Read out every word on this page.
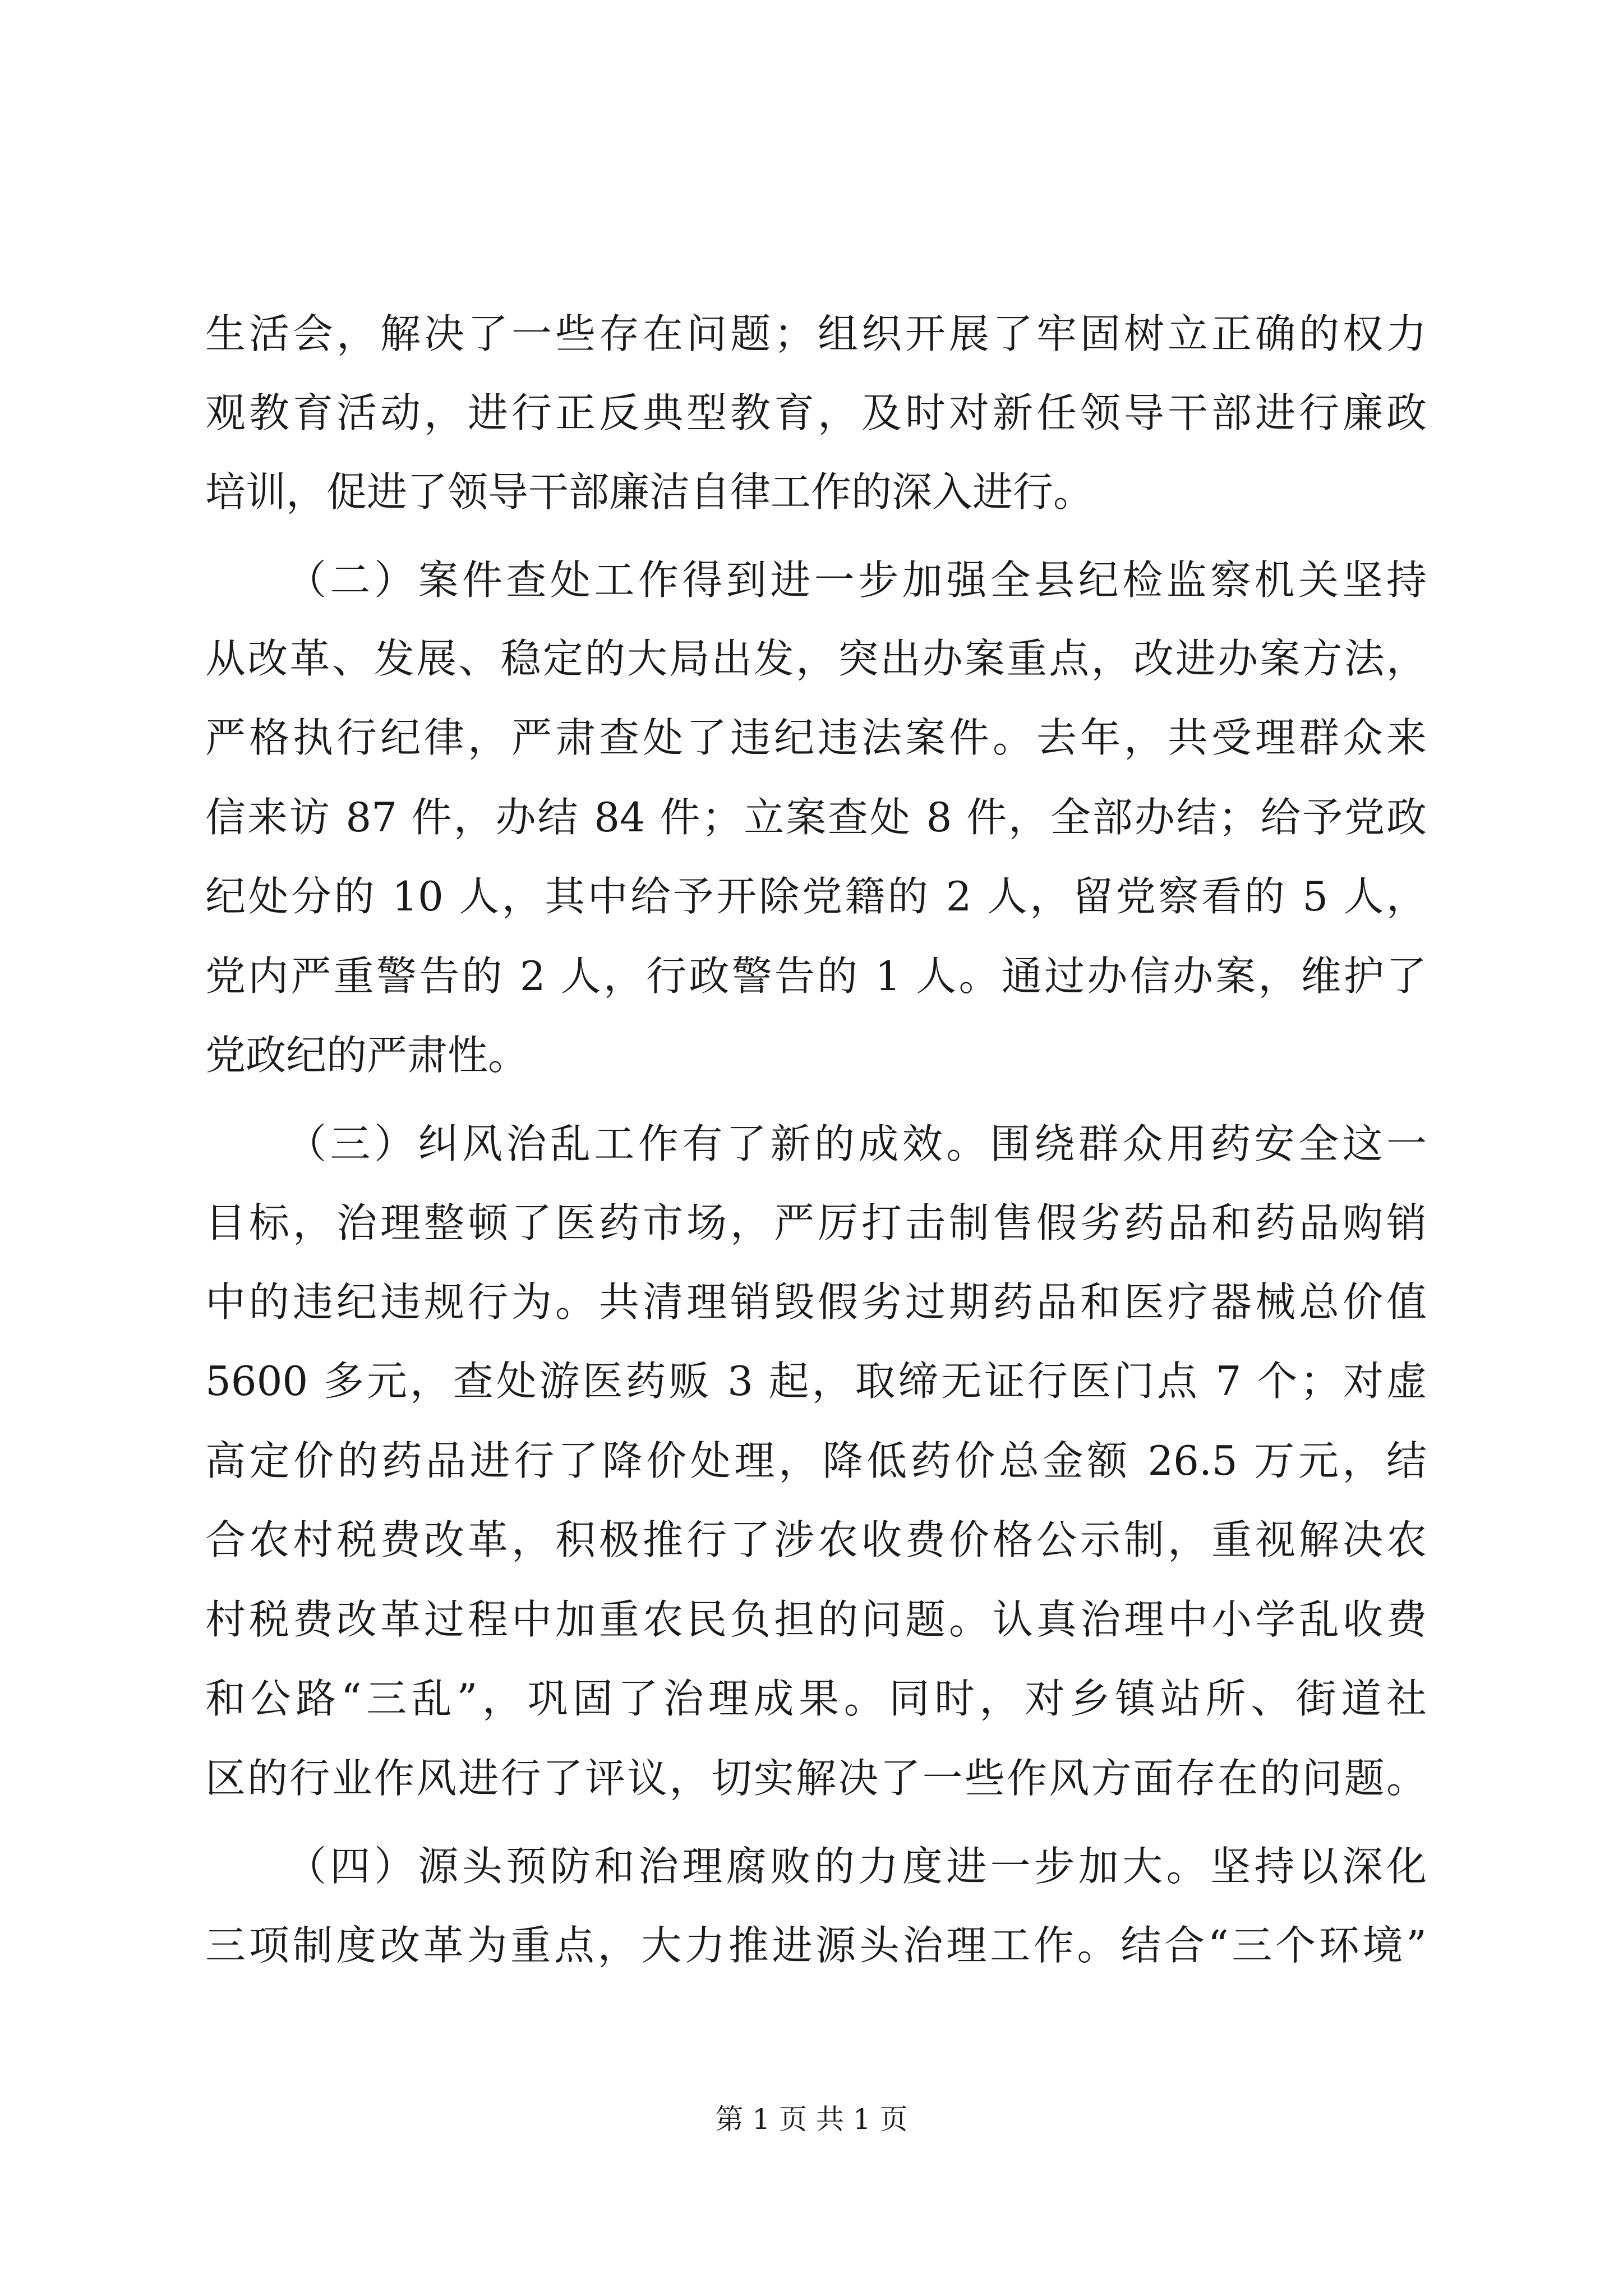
生活会，解决了一些存在问题；组织开展了牢固树立正确的权力
观教育活动，进行正反典型教育，及时对新任领导干部进行廉政
培训，促进了领导干部廉洁自律工作的深入进行。
（二）案件查处工作得到进一步加强全县纪检监察机关坚持
从改革、发展、稳定的大局出发，突出办案重点，改进办案方法，
严格执行纪律，严肃查处了违纪违法案件。去年，共受理群众来
信来访 87 件，办结 84 件；立案查处 8 件，全部办结；给予党政
纪处分的 10 人，其中给予开除党籍的 2 人，留党察看的 5 人，
党内严重警告的 2 人，行政警告的 1 人。通过办信办案，维护了
党政纪的严肃性。
（三）纠风治乱工作有了新的成效。围绕群众用药安全这一
目标，治理整顿了医药市场，严厉打击制售假劣药品和药品购销
中的违纪违规行为。共清理销毁假劣过期药品和医疗器械总价值
5600 多元，查处游医药贩 3 起，取缔无证行医门点 7 个；对虚
高定价的药品进行了降价处理，降低药价总金额 26.5 万元，结
合农村税费改革，积极推行了涉农收费价格公示制，重视解决农
村税费改革过程中加重农民负担的问题。认真治理中小学乱收费
和公路“三乱”，巩固了治理成果。同时，对乡镇站所、街道社
区的行业作风进行了评议，切实解决了一些作风方面存在的问题。
（四）源头预防和治理腐败的力度进一步加大。坚持以深化
三项制度改革为重点，大力推进源头治理工作。结合“三个环境”
第 1 页 共 1 页
